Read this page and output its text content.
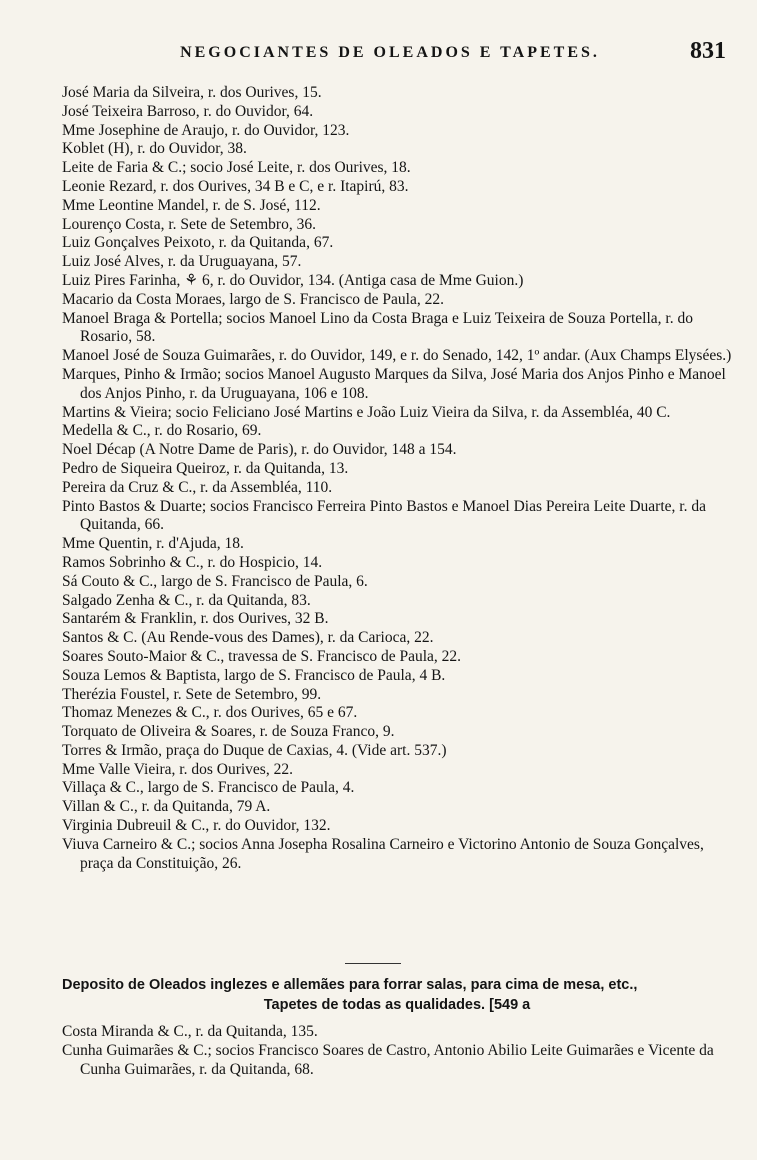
NEGOCIANTES DE OLEADOS E TAPETES.	831
José Maria da Silveira, r. dos Ourives, 15.
José Teixeira Barroso, r. do Ouvidor, 64.
Mme Josephine de Araujo, r. do Ouvidor, 123.
Koblet (H), r. do Ouvidor, 38.
Leite de Faria & C.; socio José Leite, r. dos Ourives, 18.
Leonie Rezard, r. dos Ourives, 34 B e C, e r. Itapirú, 83.
Mme Leontine Mandel, r. de S. José, 112.
Lourenço Costa, r. Sete de Setembro, 36.
Luiz Gonçalves Peixoto, r. da Quitanda, 67.
Luiz José Alves, r. da Uruguayana, 57.
Luiz Pires Farinha, ⚘ 6, r. do Ouvidor, 134. (Antiga casa de Mme Guion.)
Macario da Costa Moraes, largo de S. Francisco de Paula, 22.
Manoel Braga & Portella; socios Manoel Lino da Costa Braga e Luiz Teixeira de Souza Portella, r. do Rosario, 58.
Manoel José de Souza Guimarães, r. do Ouvidor, 149, e r. do Senado, 142, 1º andar. (Aux Champs Elysées.)
Marques, Pinho & Irmão; socios Manoel Augusto Marques da Silva, José Maria dos Anjos Pinho e Manoel dos Anjos Pinho, r. da Uruguayana, 106 e 108.
Martins & Vieira; socio Feliciano José Martins e João Luiz Vieira da Silva, r. da Assembléa, 40 C.
Medella & C., r. do Rosario, 69.
Noel Décap (A Notre Dame de Paris), r. do Ouvidor, 148 a 154.
Pedro de Siqueira Queiroz, r. da Quitanda, 13.
Pereira da Cruz & C., r. da Assembléa, 110.
Pinto Bastos & Duarte; socios Francisco Ferreira Pinto Bastos e Manoel Dias Pereira Leite Duarte, r. da Quitanda, 66.
Mme Quentin, r. d'Ajuda, 18.
Ramos Sobrinho & C., r. do Hospicio, 14.
Sá Couto & C., largo de S. Francisco de Paula, 6.
Salgado Zenha & C., r. da Quitanda, 83.
Santarém & Franklin, r. dos Ourives, 32 B.
Santos & C. (Au Rende-vous des Dames), r. da Carioca, 22.
Soares Souto-Maior & C., travessa de S. Francisco de Paula, 22.
Souza Lemos & Baptista, largo de S. Francisco de Paula, 4 B.
Therézia Foustel, r. Sete de Setembro, 99.
Thomaz Menezes & C., r. dos Ourives, 65 e 67.
Torquato de Oliveira & Soares, r. de Souza Franco, 9.
Torres & Irmão, praça do Duque de Caxias, 4. (Vide art. 537.)
Mme Valle Vieira, r. dos Ourives, 22.
Villaça & C., largo de S. Francisco de Paula, 4.
Villan & C., r. da Quitanda, 79 A.
Virginia Dubreuil & C., r. do Ouvidor, 132.
Viuva Carneiro & C.; socios Anna Josepha Rosalina Carneiro e Victorino Antonio de Souza Gonçalves, praça da Constituição, 26.
Deposito de Oleados inglezes e allemães para forrar salas, para cima de mesa, etc.,
Tapetes de todas as qualidades. [549 a
Costa Miranda & C., r. da Quitanda, 135.
Cunha Guimarães & C.; socios Francisco Soares de Castro, Antonio Abilio Leite Guimarães e Vicente da Cunha Guimarães, r. da Quitanda, 68.
